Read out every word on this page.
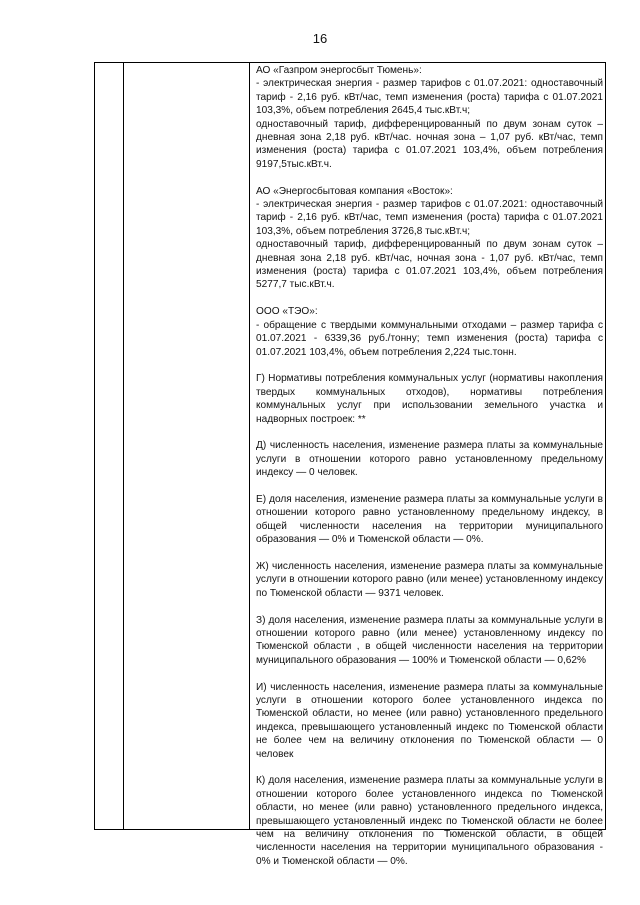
16

АО «Газпром энергосбыт Тюмень»:

- электрическая энергия - размер тарифов с 01.07.2021: одноставочный тариф - 2,16 руб. кВт/час, темп изменения (роста) тарифа с 01.07.2021 103,3%, объем потребления 2645,4 тыс.кВт.ч;

одноставочный тариф, дифференцированный по двум зонам суток – дневная зона 2,18 руб. кВт/час. ночная зона – 1,07 руб. кВт/час, темп изменения (роста) тарифа с 01.07.2021 103,4%, объем потребления 9197,5тыс.кВт.ч.

АО «Энергосбытовая компания «Восток»:

- электрическая энергия - размер тарифов с 01.07.2021: одноставочный тариф - 2,16 руб. кВт/час, темп изменения (роста) тарифа с 01.07.2021 103,3%, объем потребления 3726,8 тыс.кВт.ч;

одноставочный тариф, дифференцированный по двум зонам суток – дневная зона 2,18 руб. кВт/час, ночная зона - 1,07 руб. кВт/час, темп изменения (роста) тарифа с 01.07.2021 103,4%, объем потребления 5277,7 тыс.кВт.ч.

ООО «ТЭО»:

- обращение с твердыми коммунальными отходами – размер тарифа с 01.07.2021 - 6339,36 руб./тонну; темп изменения (роста) тарифа с 01.07.2021 103,4%, объем потребления 2,224 тыс.тонн.

Г) Нормативы потребления коммунальных услуг (нормативы накопления твердых коммунальных отходов), нормативы потребления коммунальных услуг при использовании земельного участка и надворных построек: **

Д) численность населения, изменение размера платы за коммунальные услуги в отношении которого равно установленному предельному индексу — 0 человек.

Е) доля населения, изменение размера платы за коммунальные услуги в отношении которого равно установленному предельному индексу, в общей численности населения на территории муниципального образования — 0% и Тюменской области — 0%.

Ж) численность населения, изменение размера платы за коммунальные услуги в отношении которого равно (или менее) установленному индексу по Тюменской области — 9371 человек.

З) доля населения, изменение размера платы за коммунальные услуги в отношении которого равно (или менее) установленному индексу по Тюменской области , в общей численности населения на территории муниципального образования — 100% и Тюменской области — 0,62%

И) численность населения, изменение размера платы за коммунальные услуги в отношении которого более установленного индекса по Тюменской области, но менее (или равно) установленного предельного индекса, превышающего установленный индекс по Тюменской области не более чем на величину отклонения по Тюменской области — 0 человек

К) доля населения, изменение размера платы за коммунальные услуги в отношении которого более установленного индекса по Тюменской области, но менее (или равно) установленного предельного индекса, превышающего установленный индекс по Тюменской области не более чем на величину отклонения по Тюменской области, в общей численности населения на территории муниципального образования - 0% и Тюменской области — 0%.
